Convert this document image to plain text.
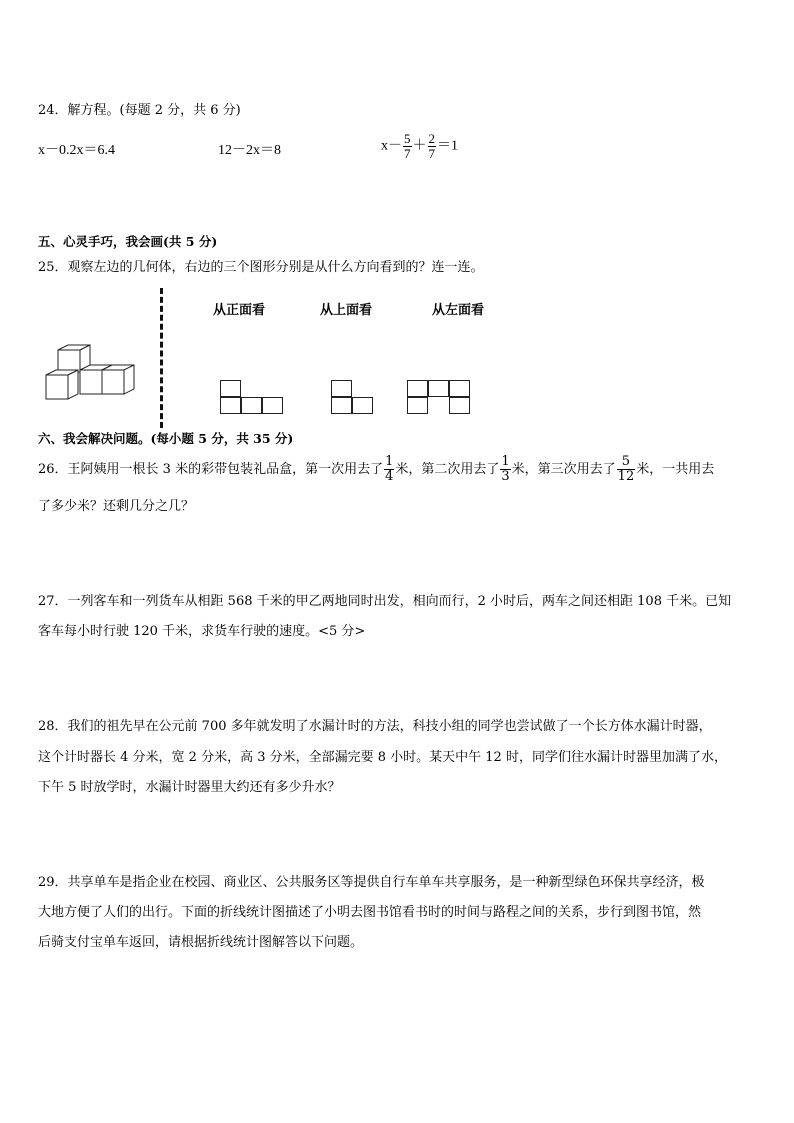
24．解方程。(每题 2 分，共 6 分)
x－0.2x＝6.4	12－2x＝8	$x- \frac{5}{7} + \frac{2}{7} =1$
五、心灵手巧，我会画(共 5 分)
25．观察左边的几何体，右边的三个图形分别是从什么方向看到的？连一连。
从正面看	从上面看	从左面看
六、我会解决问题。(每小题 5 分，共 35 分)
26．王阿姨用一根长 3 米的彩带包装礼品盒，第一次用去了 $\frac{1}{4}$ 米，第二次用去了 $\frac{1}{3}$ 米，第三次用去了 $\frac{5}{12}$ 米，一共用去
了多少米？还剩几分之几？
27．一列客车和一列货车从相距 568 千米的甲乙两地同时出发，相向而行，2 小时后，两车之间还相距 108 千米。已知
客车每小时行驶 120 千米，求货车行驶的速度。<5 分>
28．我们的祖先早在公元前 700 多年就发明了水漏计时的方法，科技小组的同学也尝试做了一个长方体水漏计时器，
这个计时器长 4 分米，宽 2 分米，高 3 分米，全部漏完要 8 小时。某天中午 12 时，同学们往水漏计时器里加满了水，
下午 5 时放学时，水漏计时器里大约还有多少升水？
29．共享单车是指企业在校园、商业区、公共服务区等提供自行车单车共享服务，是一种新型绿色环保共享经济，极
大地方便了人们的出行。下面的折线统计图描述了小明去图书馆看书时的时间与路程之间的关系，步行到图书馆，然
后骑支付宝单车返回，请根据折线统计图解答以下问题。
